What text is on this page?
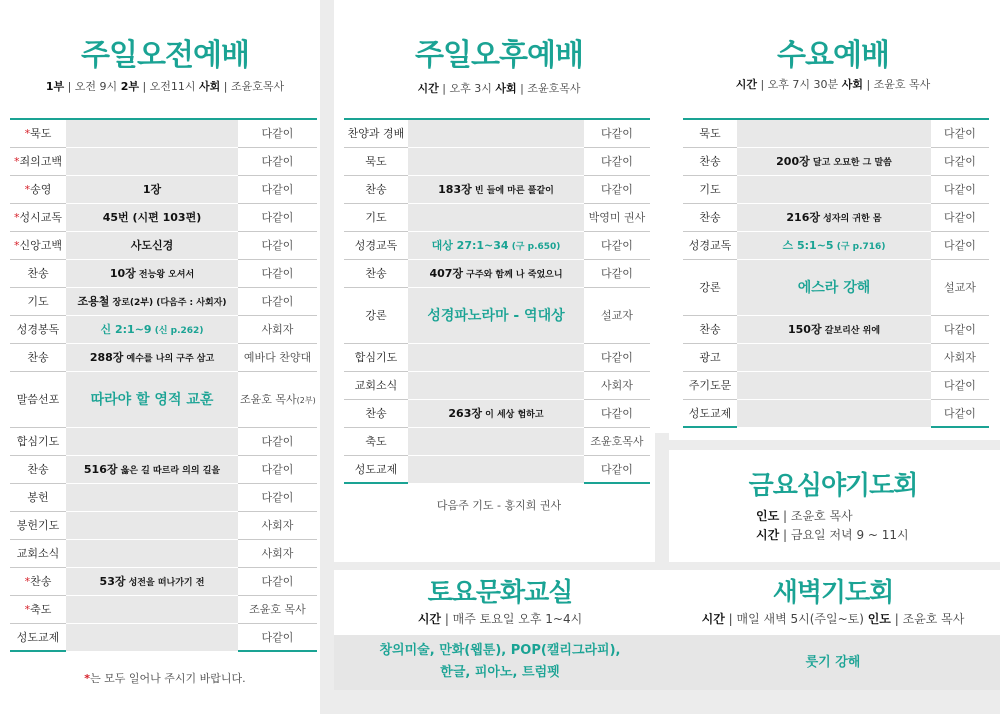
주일오전예배
1부 | 오전 9시 2부 | 오전11시 사회 | 조윤호목사
*묵도		다같이
*죄의고백		다같이
*송영	1장	다같이
*성시교독	45번 (시편 103편)	다같이
*신앙고백	사도신경	다같이
찬송	10장 전능왕 오셔서	다같이
기도	조용철 장로(2부) (다음주 : 사회자)	다같이
성경봉독	신 2:1~9 (신 p.262)	사회자
찬송	288장 예수를 나의 구주 삼고	예바다 찬양대
말씀선포	따라야 할 영적 교훈	조윤호 목사(2부)
합심기도		다같이
찬송	516장 옳은 길 따르라 의의 길을	다같이
봉헌		다같이
봉헌기도		사회자
교회소식		사회자
*찬송	53장 성전을 떠나가기 전	다같이
*축도		조윤호 목사
성도교제		다같이
*는 모두 일어나 주시기 바랍니다.
주일오후예배
시간 | 오후 3시 사회 | 조윤호목사
찬양과 경배		다같이
묵도		다같이
찬송	183장 빈 들에 마른 풀같이	다같이
기도		박영미 권사
성경교독	대상 27:1~34 (구 p.650)	다같이
찬송	407장 구주와 함께 나 죽었으니	다같이
강론	성경파노라마 - 역대상	설교자
합심기도		다같이
교회소식		사회자
찬송	263장 이 세상 험하고	다같이
축도		조윤호목사
성도교제		다같이
다음주 기도 - 홍지희 권사
수요예배
시간 | 오후 7시 30분 사회 | 조윤호 목사
묵도		다같이
찬송	200장 달고 오묘한 그 말씀	다같이
기도		다같이
찬송	216장 성자의 귀한 몸	다같이
성경교독	스 5:1~5 (구 p.716)	다같이
강론	에스라 강해	설교자
찬송	150장 갈보리산 위에	다같이
광고		사회자
주기도문		다같이
성도교제		다같이
금요심야기도회
인도 | 조윤호 목사
시간 | 금요일 저녁 9 ~ 11시
토요문화교실
시간 | 매주 토요일 오후 1~4시
새벽기도회
시간 | 매일 새벽 5시(주일~토) 인도 | 조윤호 목사
창의미술, 만화(웹툰), POP(캘리그라피),
한글, 피아노, 트럼펫
룻기 강해
